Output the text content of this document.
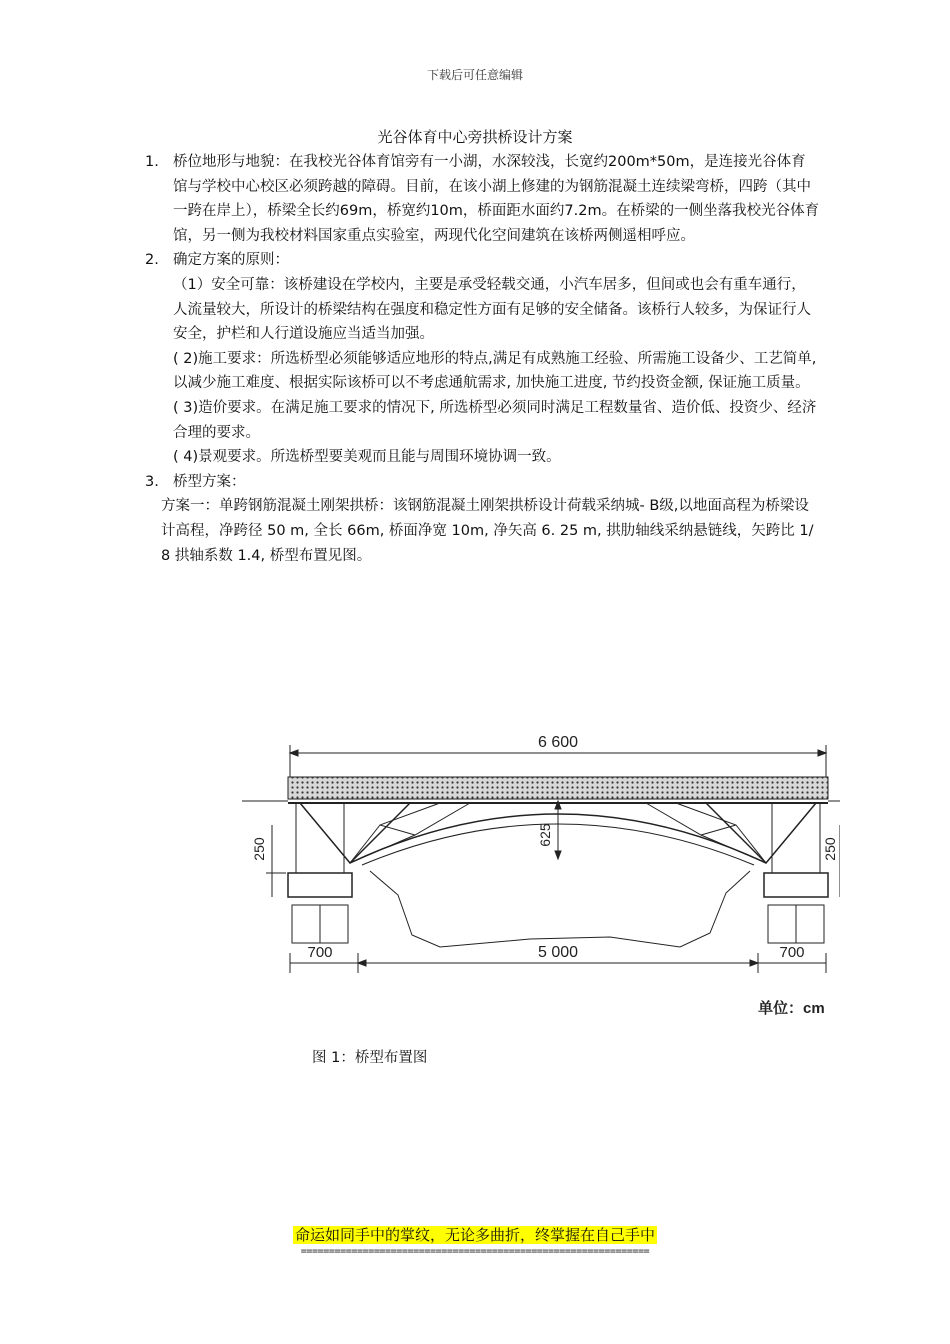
下载后可任意编辑
光谷体育中心旁拱桥设计方案
1. 桥位地形与地貌：在我校光谷体育馆旁有一小湖，水深较浅，长宽约200m*50m，是连接光谷体育馆与学校中心校区必须跨越的障碍。目前，在该小湖上修建的为钢筋混凝土连续梁弯桥，四跨（其中一跨在岸上），桥梁全长约69m，桥宽约10m，桥面距水面约7.2m。在桥梁的一侧坐落我校光谷体育馆，另一侧为我校材料国家重点实验室，两现代化空间建筑在该桥两侧遥相呼应。
2. 确定方案的原则：
（1）安全可靠：该桥建设在学校内，主要是承受轻载交通，小汽车居多，但间或也会有重车通行，人流量较大，所设计的桥梁结构在强度和稳定性方面有足够的安全储备。该桥行人较多，为保证行人安全，护栏和人行道设施应当适当加强。
( 2)施工要求：所选桥型必须能够适应地形的特点,满足有成熟施工经验、所需施工设备少、工艺简单, 以减少施工难度、根据实际该桥可以不考虑通航需求, 加快施工进度, 节约投资金额, 保证施工质量。
( 3)造价要求。在满足施工要求的情况下, 所选桥型必须同时满足工程数量省、造价低、投资少、经济合理的要求。
( 4)景观要求。所选桥型要美观而且能与周围环境协调一致。
3. 桥型方案：
方案一：单跨钢筋混凝土刚架拱桥：该钢筋混凝土刚架拱桥设计荷载采纳城- B级,以地面高程为桥梁设计高程，净跨径 50 m, 全长 66m, 桥面净宽 10m, 净矢高 6. 25 m, 拱肋轴线采纳悬链线，矢跨比 1/ 8 拱轴系数 1.4, 桥型布置见图。
6 600
700	5 000	700
625
250	250
单位：cm
图 1：桥型布置图
命运如同手中的掌纹，无论多曲折，终掌握在自己手中
==============================================================
